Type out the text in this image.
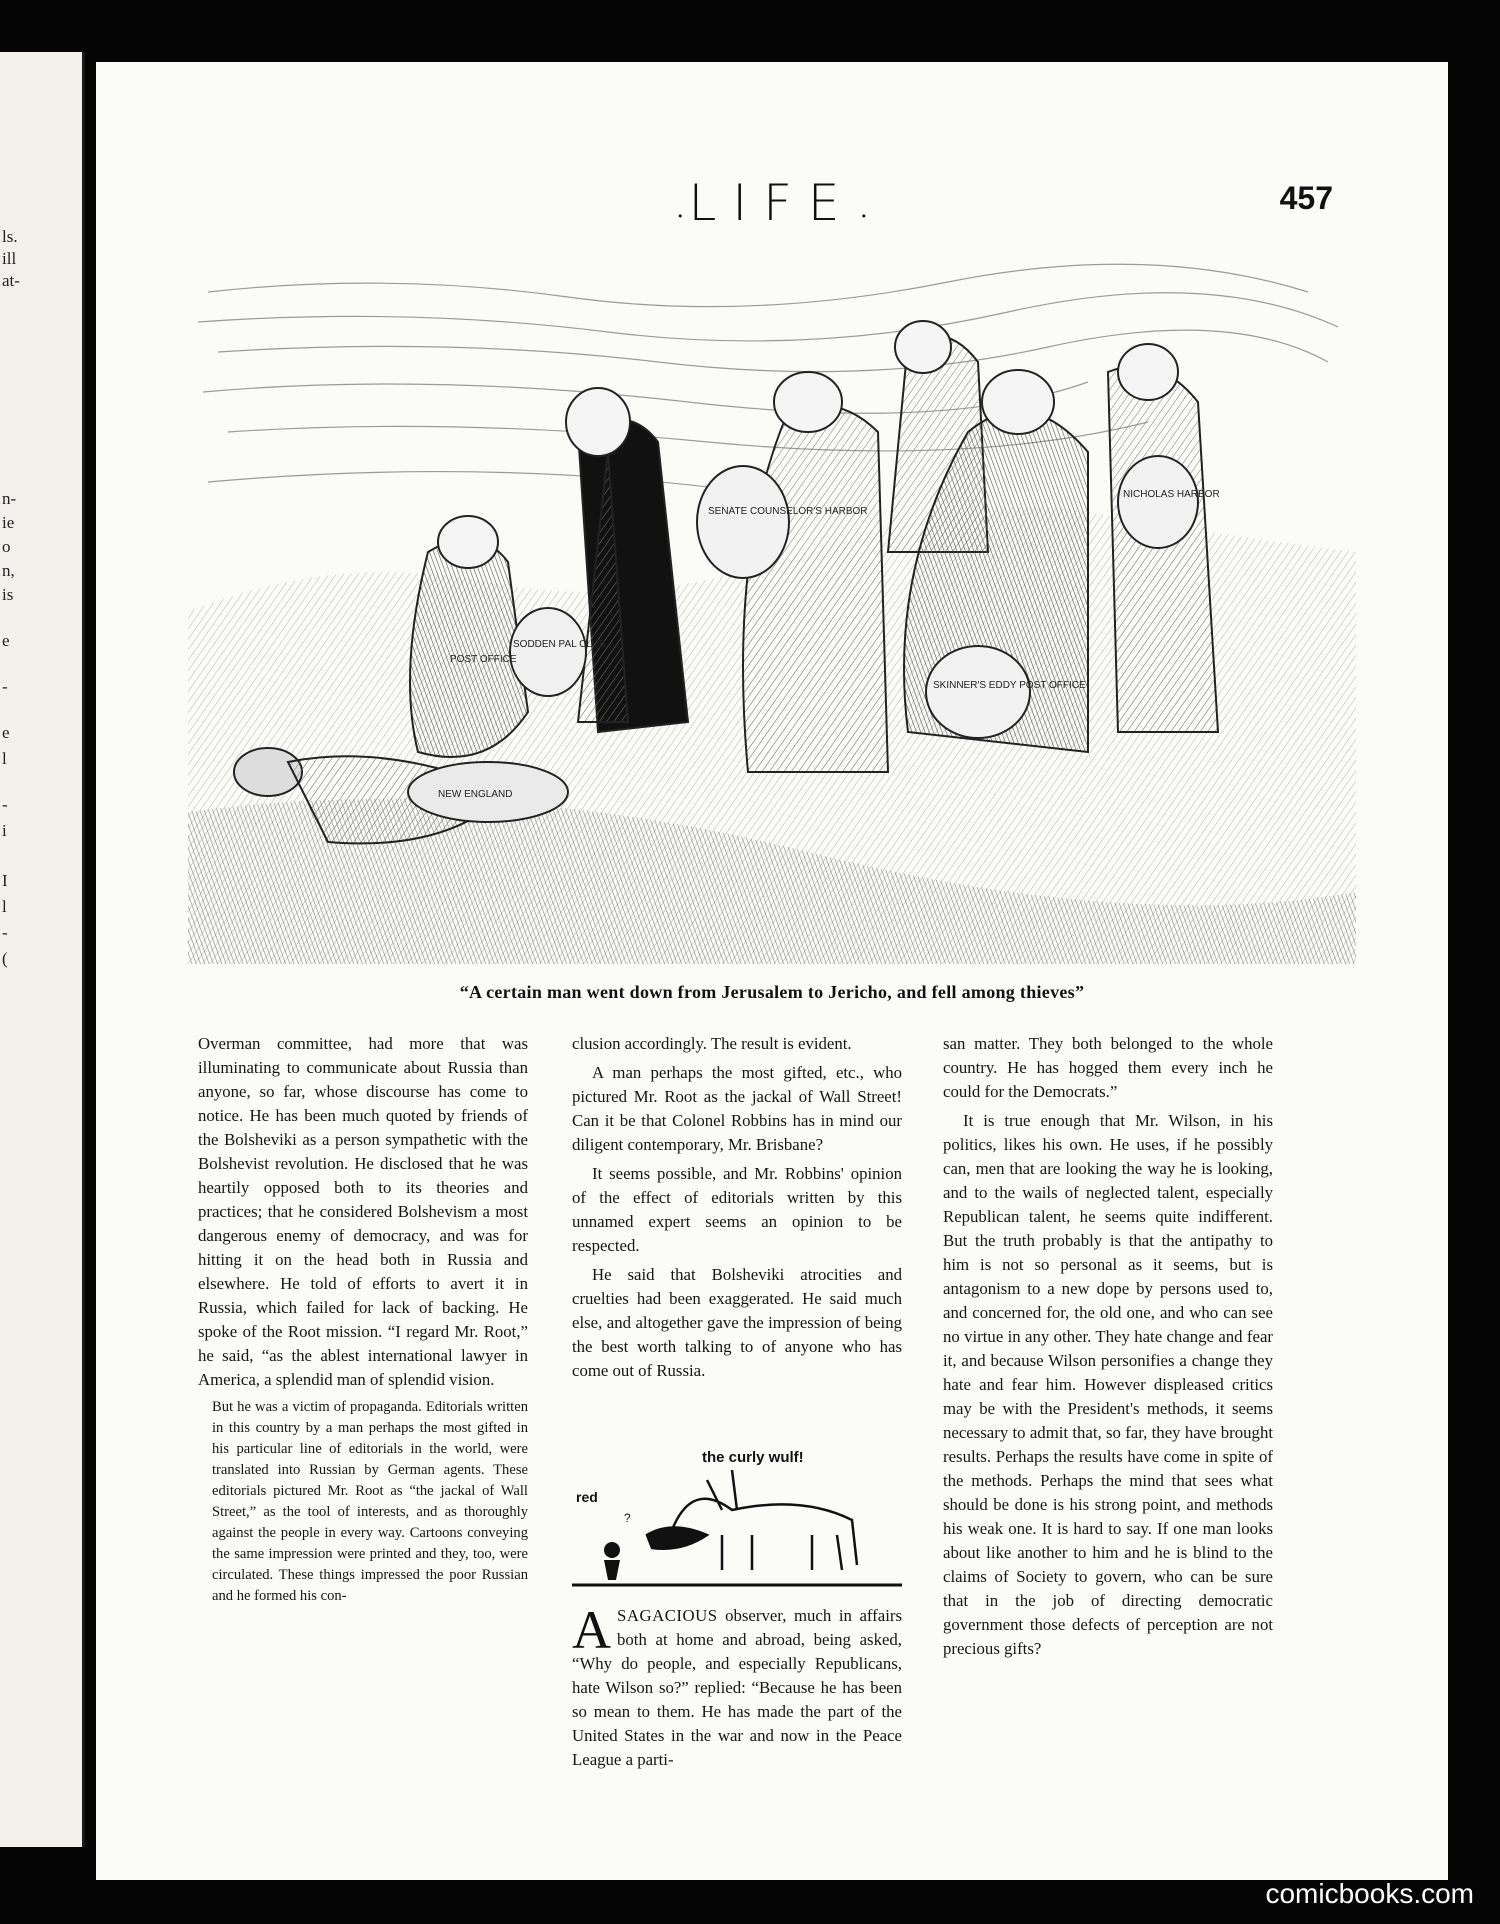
ls.
ill
at-
n-
ie
o
n,
is
e
-
e
l
-
i
I
l
-
(
· LIFE ·	457
SENATE COUNSELOR'S HARBOR
NICHOLAS HARBOR
SKINNER'S EDDY POST OFFICE
POST OFFICE
SODDEN PAL CLUB
NEW ENGLAND
“A certain man went down from Jerusalem to Jericho, and fell among thieves”

Overman committee, had more that was illuminating to communicate about Russia than anyone, so far, whose discourse has come to notice. He has been much quoted by friends of the Bolsheviki as a person sympathetic with the Bolshevist revolution. He disclosed that he was heartily opposed both to its theories and practices; that he considered Bolshevism a most dangerous enemy of democracy, and was for hitting it on the head both in Russia and elsewhere. He told of efforts to avert it in Russia, which failed for lack of backing. He spoke of the Root mission. “I regard Mr. Root,” he said, “as the ablest international lawyer in America, a splendid man of splendid vision.

But he was a victim of propaganda. Editorials written in this country by a man perhaps the most gifted in his particular line of editorials in the world, were translated into Russian by German agents. These editorials pictured Mr. Root as “the jackal of Wall Street,” as the tool of interests, and as thoroughly against the people in every way. Cartoons conveying the same impression were printed and they, too, were circulated. These things impressed the poor Russian and he formed his con-

clusion accordingly. The result is evident.

A man perhaps the most gifted, etc., who pictured Mr. Root as the jackal of Wall Street! Can it be that Colonel Robbins has in mind our diligent contemporary, Mr. Brisbane?

It seems possible, and Mr. Robbins' opinion of the effect of editorials written by this unnamed expert seems an opinion to be respected.

He said that Bolsheviki atrocities and cruelties had been exaggerated. He said much else, and altogether gave the impression of being the best worth talking to of anyone who has come out of Russia.

the curly wulf!
red
?

ASAGACIOUS observer, much in affairs both at home and abroad, being asked, “Why do people, and especially Republicans, hate Wilson so?” replied: “Because he has been so mean to them. He has made the part of the United States in the war and now in the Peace League a parti-

san matter. They both belonged to the whole country. He has hogged them every inch he could for the Democrats.”

It is true enough that Mr. Wilson, in his politics, likes his own. He uses, if he possibly can, men that are looking the way he is looking, and to the wails of neglected talent, especially Republican talent, he seems quite indifferent. But the truth probably is that the antipathy to him is not so personal as it seems, but is antagonism to a new dope by persons used to, and concerned for, the old one, and who can see no virtue in any other. They hate change and fear it, and because Wilson personifies a change they hate and fear him. However displeased critics may be with the President's methods, it seems necessary to admit that, so far, they have brought results. Perhaps the results have come in spite of the methods. Perhaps the mind that sees what should be done is his strong point, and methods his weak one. It is hard to say. If one man looks about like another to him and he is blind to the claims of Society to govern, who can be sure that in the job of directing democratic government those defects of perception are not precious gifts?

comicbooks.com
